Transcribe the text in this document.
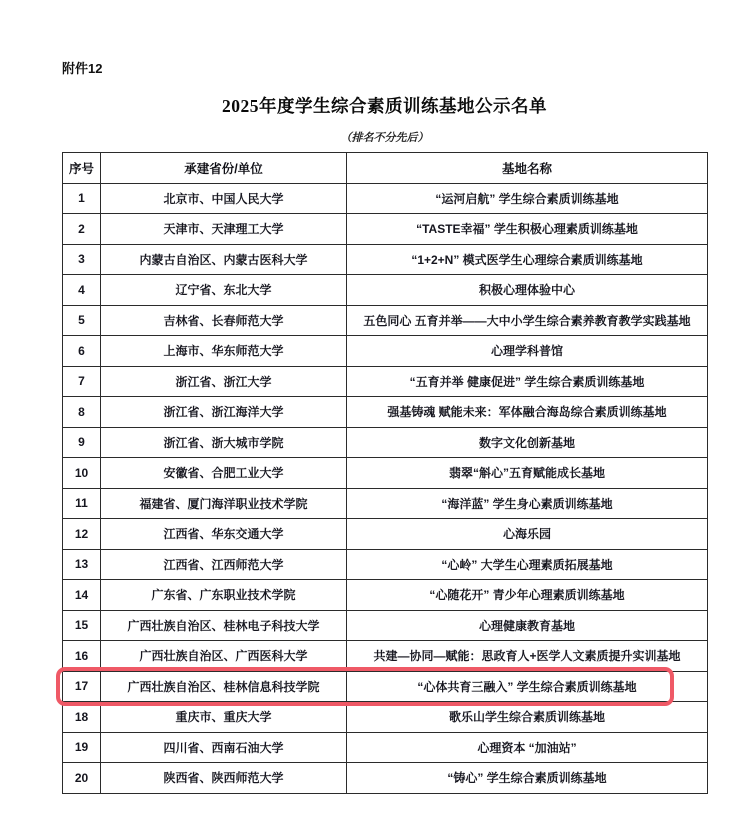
附件12
2025年度学生综合素质训练基地公示名单
（排名不分先后）
序号	承建省份/单位	基地名称
1	北京市、中国人民大学	“运河启航” 学生综合素质训练基地
2	天津市、天津理工大学	“TASTE幸福” 学生积极心理素质训练基地
3	内蒙古自治区、内蒙古医科大学	“1+2+N” 模式医学生心理综合素质训练基地
4	辽宁省、东北大学	积极心理体验中心
5	吉林省、长春师范大学	五色同心 五育并举——大中小学生综合素养教育教学实践基地
6	上海市、华东师范大学	心理学科普馆
7	浙江省、浙江大学	“五育并举 健康促进” 学生综合素质训练基地
8	浙江省、浙江海洋大学	强基铸魂 赋能未来：军体融合海岛综合素质训练基地
9	浙江省、浙大城市学院	数字文化创新基地
10	安徽省、合肥工业大学	翡翠“斛心”五育赋能成长基地
11	福建省、厦门海洋职业技术学院	“海洋蓝” 学生身心素质训练基地
12	江西省、华东交通大学	心海乐园
13	江西省、江西师范大学	“心岭” 大学生心理素质拓展基地
14	广东省、广东职业技术学院	“心随花开” 青少年心理素质训练基地
15	广西壮族自治区、桂林电子科技大学	心理健康教育基地
16	广西壮族自治区、广西医科大学	共建—协同—赋能：思政育人+医学人文素质提升实训基地
17	广西壮族自治区、桂林信息科技学院	“心体共育三融入” 学生综合素质训练基地
18	重庆市、重庆大学	歌乐山学生综合素质训练基地
19	四川省、西南石油大学	心理资本 “加油站”
20	陕西省、陕西师范大学	“铸心” 学生综合素质训练基地
